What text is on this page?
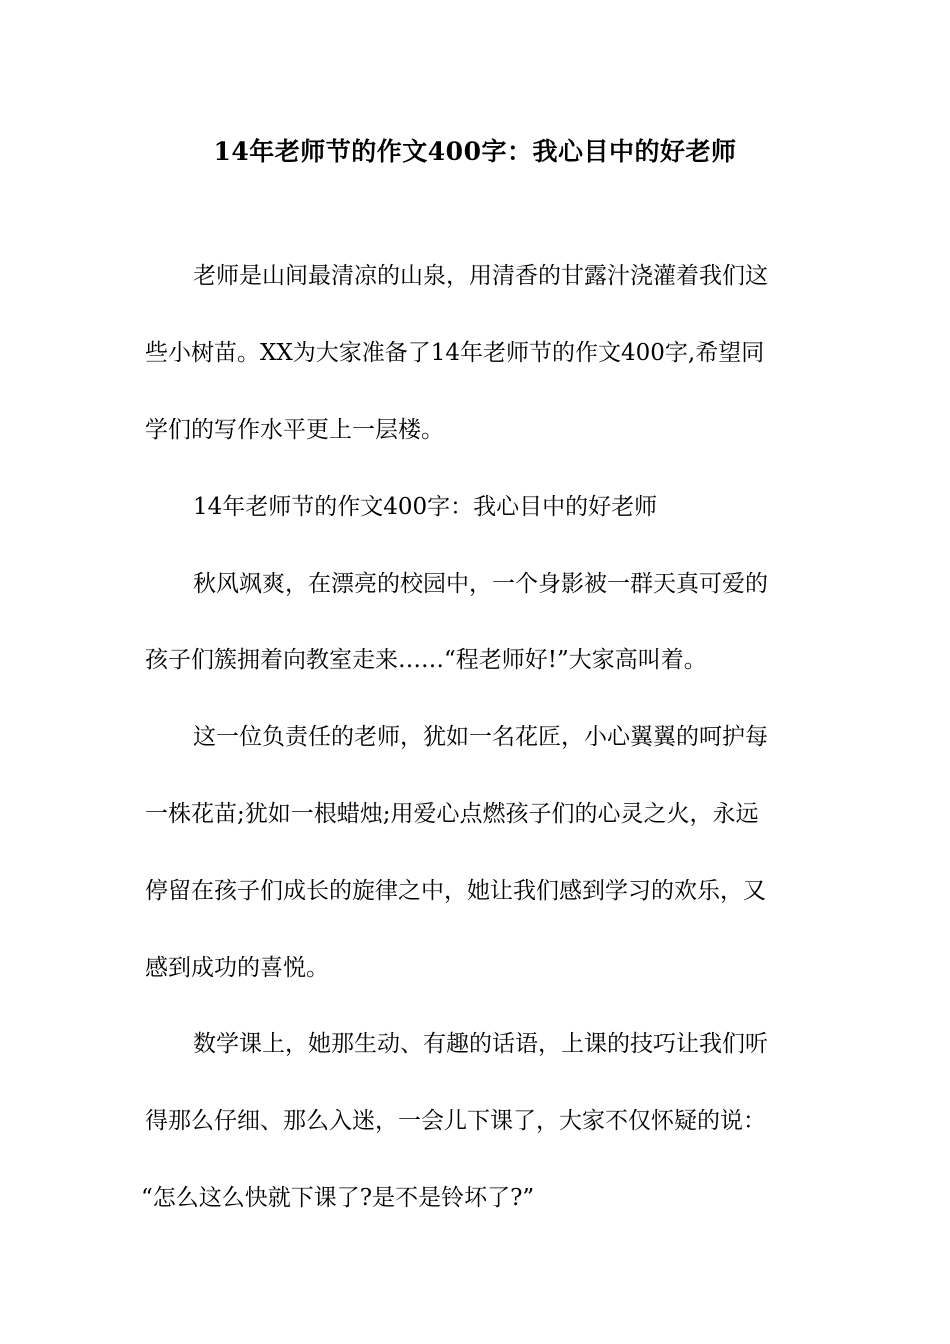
14年老师节的作文400字：我心目中的好老师
老师是山间最清凉的山泉，用清香的甘露汁浇灌着我们这
些小树苗。XX为大家准备了14年老师节的作文400字,希望同
学们的写作水平更上一层楼。
14年老师节的作文400字：我心目中的好老师
秋风飒爽，在漂亮的校园中，一个身影被一群天真可爱的
孩子们簇拥着向教室走来……“程老师好!”大家高叫着。
这一位负责任的老师，犹如一名花匠，小心翼翼的呵护每
一株花苗;犹如一根蜡烛;用爱心点燃孩子们的心灵之火，永远
停留在孩子们成长的旋律之中，她让我们感到学习的欢乐，又
感到成功的喜悦。
数学课上，她那生动、有趣的话语，上课的技巧让我们听
得那么仔细、那么入迷，一会儿下课了，大家不仅怀疑的说：
“怎么这么快就下课了?是不是铃坏了?”
